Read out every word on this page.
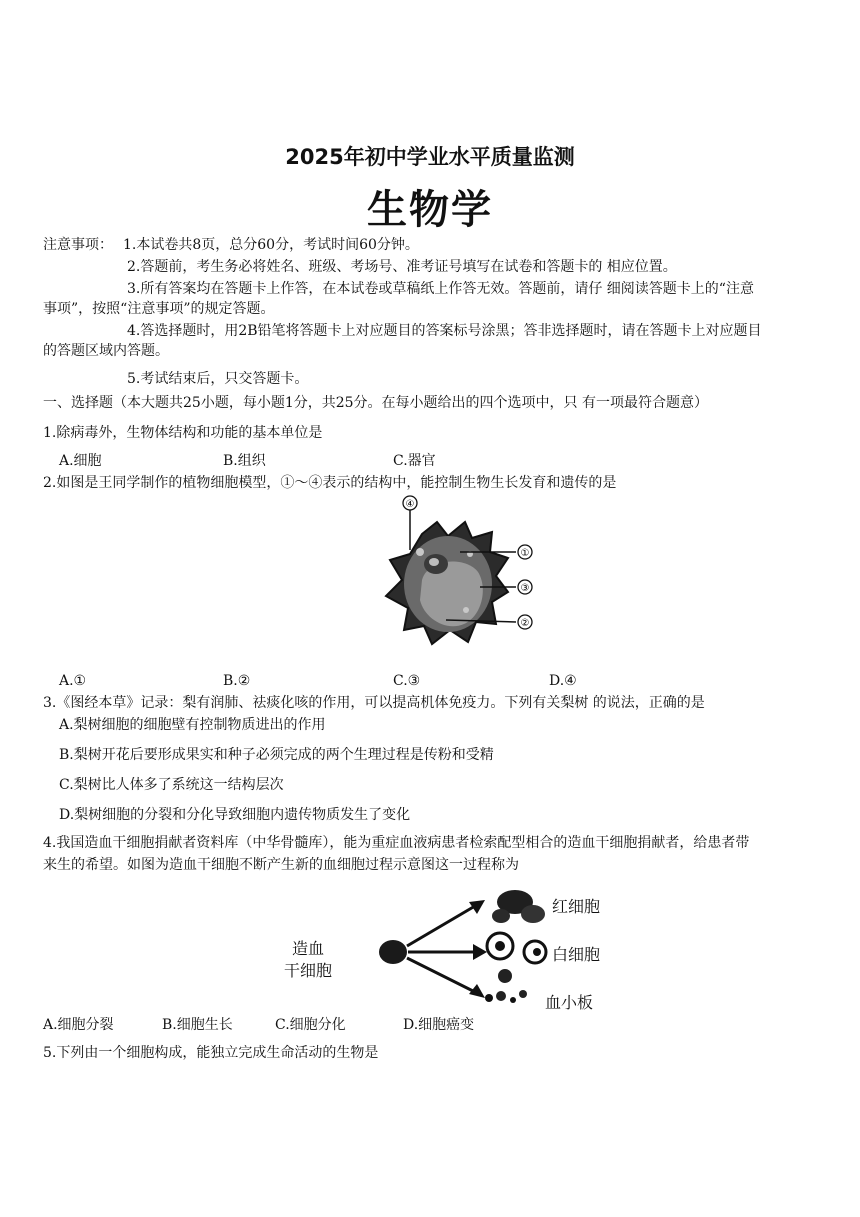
2025年初中学业水平质量监测
生物学
注意事项： 1.本试卷共8页，总分60分，考试时间60分钟。
2.答题前，考生务必将姓名、班级、考场号、准考证号填写在试卷和答题卡的 相应位置。
3.所有答案均在答题卡上作答，在本试卷或草稿纸上作答无效。答题前，请仔 细阅读答题卡上的“注意
事项”，按照“注意事项”的规定答题。
4.答选择题时，用2B铅笔将答题卡上对应题目的答案标号涂黑；答非选择题时，请在答题卡上对应题目
的答题区域内答题。
5.考试结束后，只交答题卡。
一、选择题（本大题共25小题，每小题1分，共25分。在每小题给出的四个选项中，只 有一项最符合题意）
1.除病毒外，生物体结构和功能的基本单位是
A.细胞	B.组织	C.器官
2.如图是王同学制作的植物细胞模型，①～④表示的结构中，能控制生物生长发育和遗传的是
④
①
③
②
A.①	B.②	C.③	D.④
3.《图经本草》记录：梨有润肺、祛痰化咳的作用，可以提高机体免疫力。下列有关梨树 的说法，正确的是
A.梨树细胞的细胞壁有控制物质进出的作用
B.梨树开花后要形成果实和种子必须完成的两个生理过程是传粉和受精
C.梨树比人体多了系统这一结构层次
D.梨树细胞的分裂和分化导致细胞内遗传物质发生了变化
4.我国造血干细胞捐献者资料库（中华骨髓库），能为重症血液病患者检索配型相合的造血干细胞捐献者，给患者带
来生的希望。如图为造血干细胞不断产生新的血细胞过程示意图这一过程称为
造血
干细胞
红细胞
白细胞
血小板
A.细胞分裂	B.细胞生长	C.细胞分化	D.细胞癌变
5.下列由一个细胞构成，能独立完成生命活动的生物是
